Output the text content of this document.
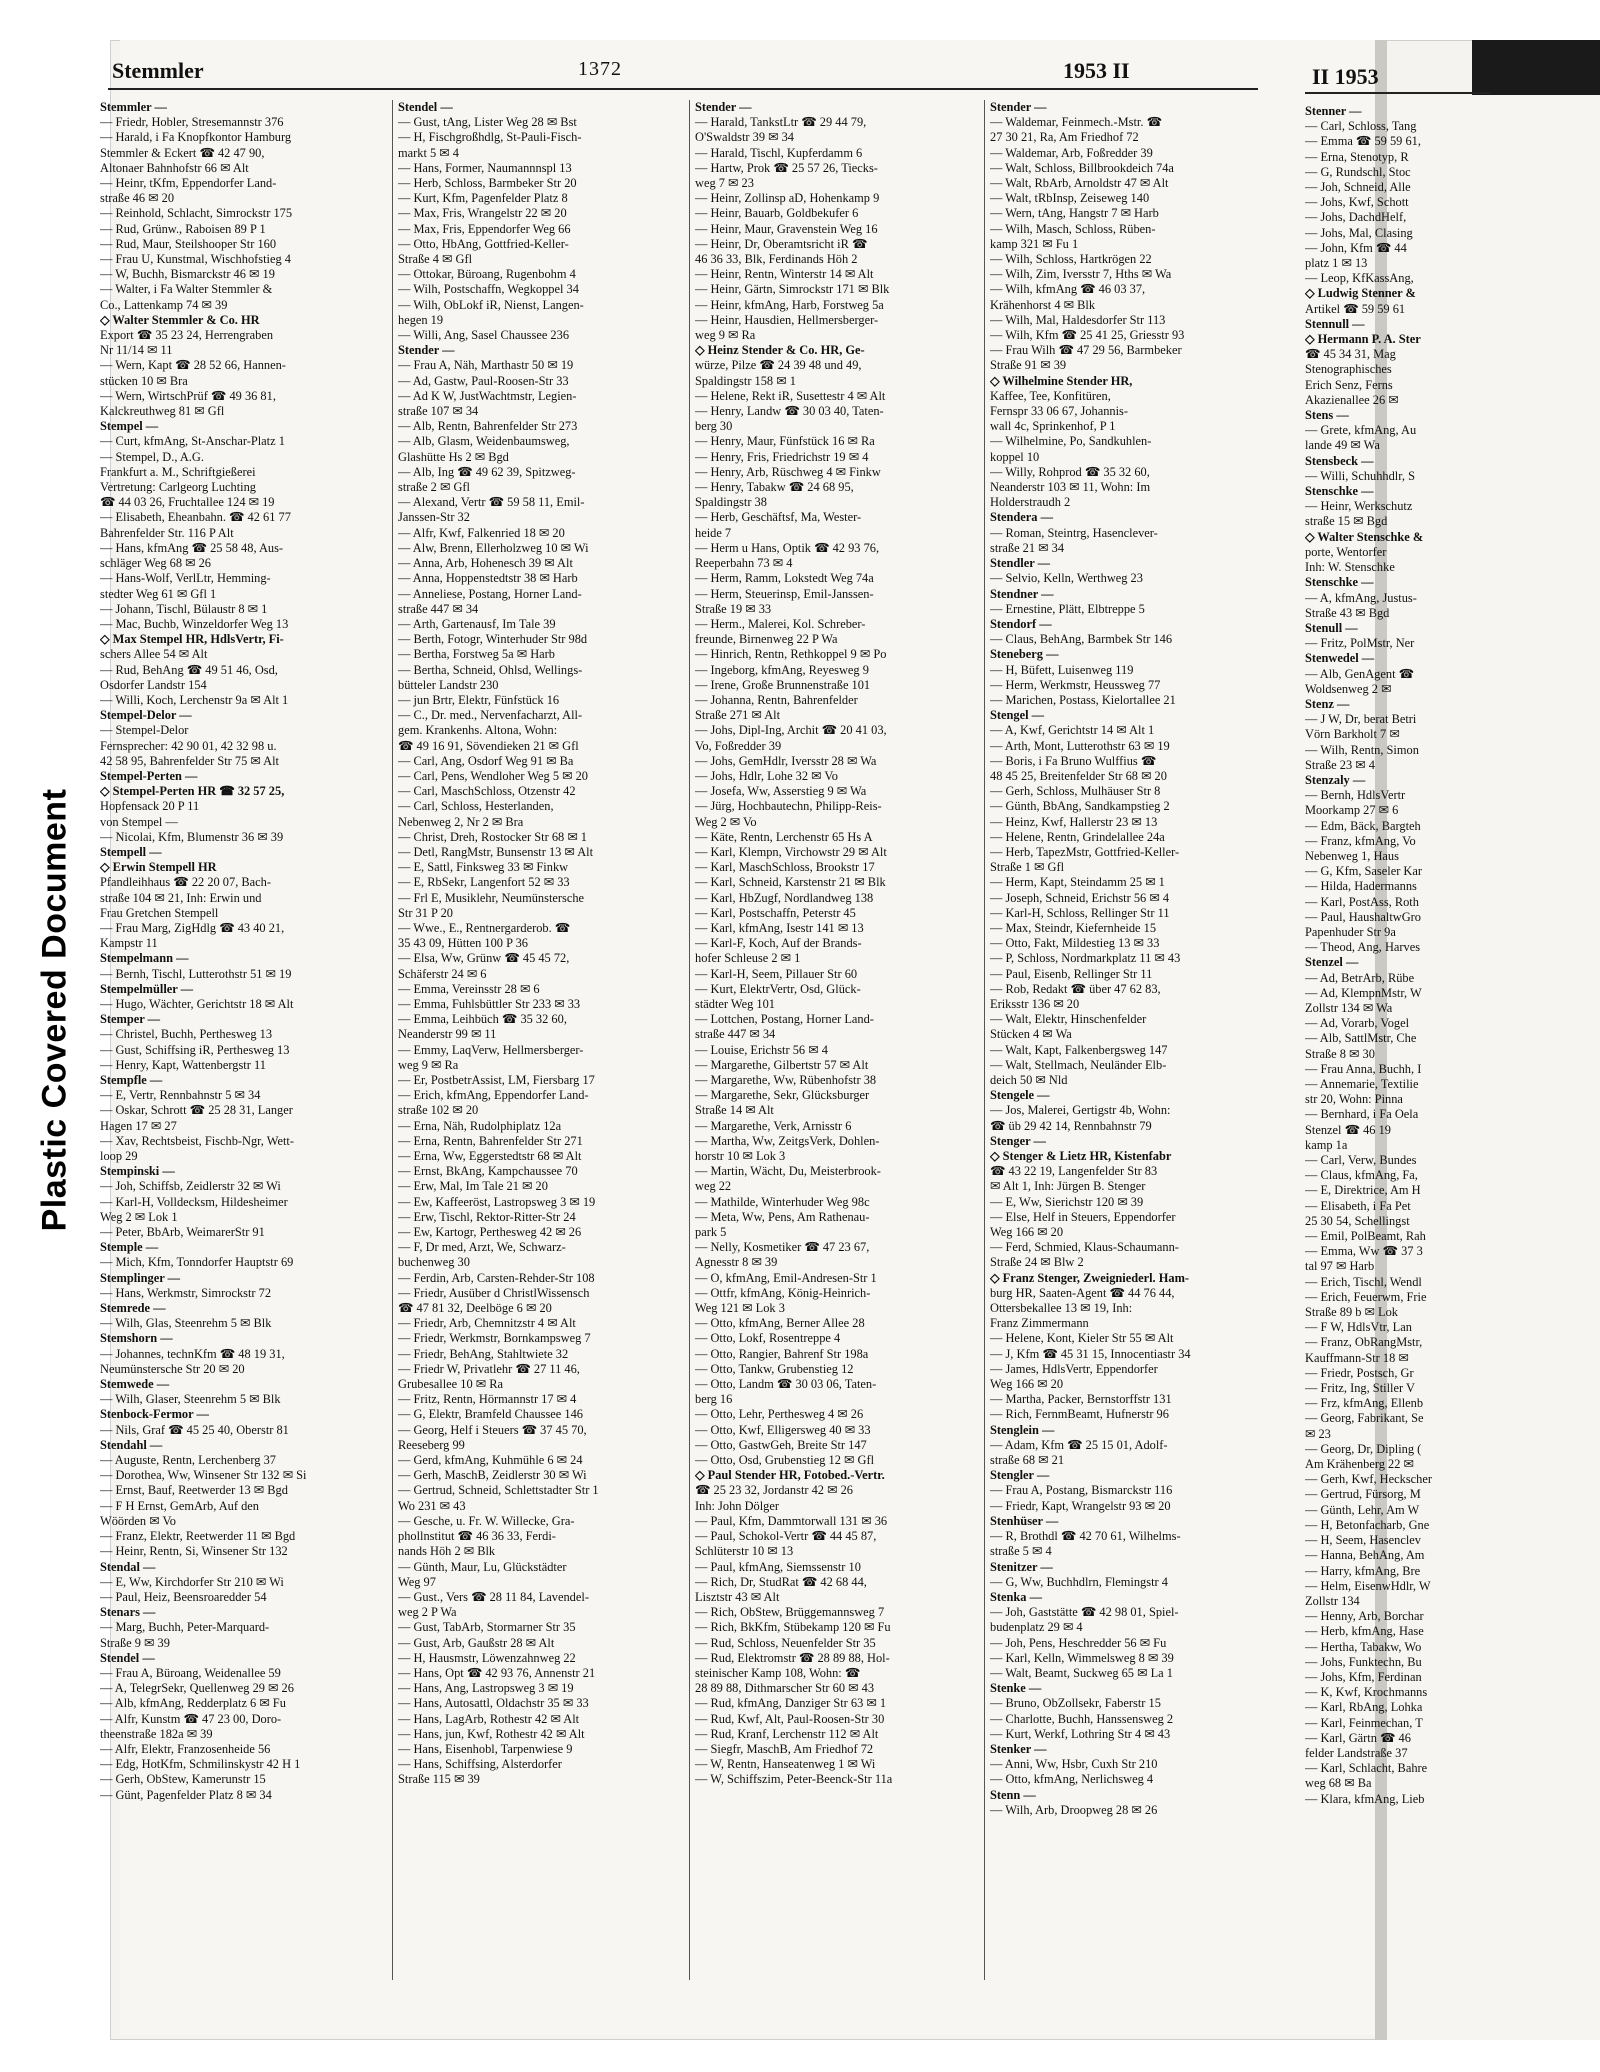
Plastic Covered Document
Stemmler	1372	1953 II
Stemmler —
— Friedr, Hobler, Stresemannstr 376
— Harald, i Fa Knopfkontor Hamburg
Stemmler & Eckert ☎ 42 47 90,
Altonaer Bahnhofstr 66 ✉ Alt
— Heinr, tKfm, Eppendorfer Land-
straße 46 ✉ 20
— Reinhold, Schlacht, Simrockstr 175
— Rud, Grünw., Raboisen 89 P 1
— Rud, Maur, Steilshooper Str 160
— Frau U, Kunstmal, Wischhofstieg 4
— W, Buchh, Bismarckstr 46 ✉ 19
— Walter, i Fa Walter Stemmler &
Co., Lattenkamp 74 ✉ 39
◇ Walter Stemmler & Co. HR
Export ☎ 35 23 24, Herrengraben
Nr 11/14 ✉ 11
— Wern, Kapt ☎ 28 52 66, Hannen-
stücken 10 ✉ Bra
— Wern, WirtschPrüf ☎ 49 36 81,
Kalckreuthweg 81 ✉ Gfl
Stempel —
— Curt, kfmAng, St-Anschar-Platz 1
— Stempel, D., A.G.
Frankfurt a. M., Schriftgießerei
Vertretung: Carlgeorg Luchting
☎ 44 03 26, Fruchtallee 124 ✉ 19
— Elisabeth, Eheanbahn. ☎ 42 61 77
Bahrenfelder Str. 116 P Alt
— Hans, kfmAng ☎ 25 58 48, Aus-
schläger Weg 68 ✉ 26
— Hans-Wolf, VerlLtr, Hemming-
stedter Weg 61 ✉ Gfl 1
— Johann, Tischl, Bülaustr 8 ✉ 1
— Mac, Buchb, Winzeldorfer Weg 13
◇ Max Stempel HR, HdlsVertr, Fi-
schers Allee 54 ✉ Alt
— Rud, BehAng ☎ 49 51 46, Osd,
Osdorfer Landstr 154
— Willi, Koch, Lerchenstr 9a ✉ Alt 1
Stempel-Delor —
— Stempel-Delor
Fernsprecher: 42 90 01, 42 32 98 u.
42 58 95, Bahrenfelder Str 75 ✉ Alt
Stempel-Perten —
◇ Stempel-Perten HR ☎ 32 57 25,
Hopfensack 20 P 11
von Stempel —
— Nicolai, Kfm, Blumenstr 36 ✉ 39
Stempell —
◇ Erwin Stempell HR
Pfandleihhaus ☎ 22 20 07, Bach-
straße 104 ✉ 21, Inh: Erwin und
Frau Gretchen Stempell
— Frau Marg, ZigHdlg ☎ 43 40 21,
Kampstr 11
Stempelmann —
— Bernh, Tischl, Lutterothstr 51 ✉ 19
Stempelmüller —
— Hugo, Wächter, Gerichtstr 18 ✉ Alt
Stemper —
— Christel, Buchh, Perthesweg 13
— Gust, Schiffsing iR, Perthesweg 13
— Henry, Kapt, Wattenbergstr 11
Stempfle —
— E, Vertr, Rennbahnstr 5 ✉ 34
— Oskar, Schrott ☎ 25 28 31, Langer
Hagen 17 ✉ 27
— Xav, Rechtsbeist, Fischb-Ngr, Wett-
loop 29
Stempinski —
— Joh, Schiffsb, Zeidlerstr 32 ✉ Wi
— Karl-H, Volldecksm, Hildesheimer
Weg 2 ✉ Lok 1
— Peter, BbArb, WeimarerStr 91
Stemple —
— Mich, Kfm, Tonndorfer Hauptstr 69
Stemplinger —
— Hans, Werkmstr, Simrockstr 72
Stemrede —
— Wilh, Glas, Steenrehm 5 ✉ Blk
Stemshorn —
— Johannes, technKfm ☎ 48 19 31,
Neumünstersche Str 20 ✉ 20
Stemwede —
— Wilh, Glaser, Steenrehm 5 ✉ Blk
Stenbock-Fermor —
— Nils, Graf ☎ 45 25 40, Oberstr 81
Stendahl —
— Auguste, Rentn, Lerchenberg 37
— Dorothea, Ww, Winsener Str 132 ✉ Si
— Ernst, Bauf, Reetwerder 13 ✉ Bgd
— F H Ernst, GemArb, Auf den
Wöörden ✉ Vo
— Franz, Elektr, Reetwerder 11 ✉ Bgd
— Heinr, Rentn, Si, Winsener Str 132
Stendal —
— E, Ww, Kirchdorfer Str 210 ✉ Wi
— Paul, Heiz, Beensroaredder 54
Stenars —
— Marg, Buchh, Peter-Marquard-
Straße 9 ✉ 39
Stendel —
— Frau A, Büroang, Weidenallee 59
— A, TelegrSekr, Quellenweg 29 ✉ 26
— Alb, kfmAng, Redderplatz 6 ✉ Fu
— Alfr, Kunstm ☎ 47 23 00, Doro-
theenstraße 182a ✉ 39
— Alfr, Elektr, Franzosenheide 56
— Edg, HotKfm, Schmilinskystr 42 H 1
— Gerh, ObStew, Kamerunstr 15
— Günt, Pagenfelder Platz 8 ✉ 34
Stendel —
— Gust, tAng, Lister Weg 28 ✉ Bst
— H, Fischgroßhdlg, St-Pauli-Fisch-
markt 5 ✉ 4
— Hans, Former, Naumannnspl 13
— Herb, Schloss, Barmbeker Str 20
— Kurt, Kfm, Pagenfelder Platz 8
— Max, Fris, Wrangelstr 22 ✉ 20
— Max, Fris, Eppendorfer Weg 66
— Otto, HbAng, Gottfried-Keller-
Straße 4 ✉ Gfl
— Ottokar, Büroang, Rugenbohm 4
— Wilh, Postschaffn, Wegkoppel 34
— Wilh, ObLokf iR, Nienst, Langen-
hegen 19
— Willi, Ang, Sasel Chaussee 236
Stender —
— Frau A, Näh, Marthastr 50 ✉ 19
— Ad, Gastw, Paul-Roosen-Str 33
— Ad K W, JustWachtmstr, Legien-
straße 107 ✉ 34
— Alb, Rentn, Bahrenfelder Str 273
— Alb, Glasm, Weidenbaumsweg,
Glashütte Hs 2 ✉ Bgd
— Alb, Ing ☎ 49 62 39, Spitzweg-
straße 2 ✉ Gfl
— Alexand, Vertr ☎ 59 58 11, Emil-
Janssen-Str 32
— Alfr, Kwf, Falkenried 18 ✉ 20
— Alw, Brenn, Ellerholzweg 10 ✉ Wi
— Anna, Arb, Hohenesch 39 ✉ Alt
— Anna, Hoppenstedtstr 38 ✉ Harb
— Anneliese, Postang, Horner Land-
straße 447 ✉ 34
— Arth, Gartenausf, Im Tale 39
— Berth, Fotogr, Winterhuder Str 98d
— Bertha, Forstweg 5a ✉ Harb
— Bertha, Schneid, Ohlsd, Wellings-
bütteler Landstr 230
— jun Brtr, Elektr, Fünfstück 16
— C., Dr. med., Nervenfacharzt, All-
gem. Krankenhs. Altona, Wohn:
☎ 49 16 91, Sövendieken 21 ✉ Gfl
— Carl, Ang, Osdorf Weg 91 ✉ Ba
— Carl, Pens, Wendloher Weg 5 ✉ 20
— Carl, MaschSchloss, Otzenstr 42
— Carl, Schloss, Hesterlanden,
Nebenweg 2, Nr 2 ✉ Bra
— Christ, Dreh, Rostocker Str 68 ✉ 1
— Detl, RangMstr, Bunsenstr 13 ✉ Alt
— E, Sattl, Finksweg 33 ✉ Finkw
— E, RbSekr, Langenfort 52 ✉ 33
— Frl E, Musiklehr, Neumünstersche
Str 31 P 20
— Wwe., E., Rentnergarderob. ☎
35 43 09, Hütten 100 P 36
— Elsa, Ww, Grünw ☎ 45 45 72,
Schäferstr 24 ✉ 6
— Emma, Vereinsstr 28 ✉ 6
— Emma, Fuhlsbüttler Str 233 ✉ 33
— Emma, Leihbüch ☎ 35 32 60,
Neanderstr 99 ✉ 11
— Emmy, LaqVerw, Hellmersberger-
weg 9 ✉ Ra
— Er, PostbetrAssist, LM, Fiersbarg 17
— Erich, kfmAng, Eppendorfer Land-
straße 102 ✉ 20
— Erna, Näh, Rudolphiplatz 12a
— Erna, Rentn, Bahrenfelder Str 271
— Erna, Ww, Eggerstedtstr 68 ✉ Alt
— Ernst, BkAng, Kampchaussee 70
— Erw, Mal, Im Tale 21 ✉ 20
— Ew, Kaffeeröst, Lastropsweg 3 ✉ 19
— Erw, Tischl, Rektor-Ritter-Str 24
— Ew, Kartogr, Perthesweg 42 ✉ 26
— F, Dr med, Arzt, We, Schwarz-
buchenweg 30
— Ferdin, Arb, Carsten-Rehder-Str 108
— Friedr, Ausüber d ChristlWissensch
☎ 47 81 32, Deelböge 6 ✉ 20
— Friedr, Arb, Chemnitzstr 4 ✉ Alt
— Friedr, Werkmstr, Bornkampsweg 7
— Friedr, BehAng, Stahltwiete 32
— Friedr W, Privatlehr ☎ 27 11 46,
Grubesallee 10 ✉ Ra
— Fritz, Rentn, Hörmannstr 17 ✉ 4
— G, Elektr, Bramfeld Chaussee 146
— Georg, Helf i Steuers ☎ 37 45 70,
Reeseberg 99
— Gerd, kfmAng, Kuhmühle 6 ✉ 24
— Gerh, MaschB, Zeidlerstr 30 ✉ Wi
— Gertrud, Schneid, Schlettstadter Str 1
Wo 231 ✉ 43
— Gesche, u. Fr. W. Willecke, Gra-
phollnstitut ☎ 46 36 33, Ferdi-
nands Höh 2 ✉ Blk
— Günth, Maur, Lu, Glückstädter
Weg 97
— Gust., Vers ☎ 28 11 84, Lavendel-
weg 2 P Wa
— Gust, TabArb, Stormarner Str 35
— Gust, Arb, Gaußstr 28 ✉ Alt
— H, Hausmstr, Löwenzahnweg 22
— Hans, Opt ☎ 42 93 76, Annenstr 21
— Hans, Ang, Lastropsweg 3 ✉ 19
— Hans, Autosattl, Oldachstr 35 ✉ 33
— Hans, LagArb, Rothestr 42 ✉ Alt
— Hans, jun, Kwf, Rothestr 42 ✉ Alt
— Hans, Eisenhobl, Tarpenwiese 9
— Hans, Schiffsing, Alsterdorfer
Straße 115 ✉ 39
Stender —
— Harald, TankstLtr ☎ 29 44 79,
O'Swaldstr 39 ✉ 34
— Harald, Tischl, Kupferdamm 6
— Hartw, Prok ☎ 25 57 26, Tiecks-
weg 7 ✉ 23
— Heinr, Zollinsp aD, Hohenkamp 9
— Heinr, Bauarb, Goldbekufer 6
— Heinr, Maur, Gravenstein Weg 16
— Heinr, Dr, Oberamtsricht iR ☎
46 36 33, Blk, Ferdinands Höh 2
— Heinr, Rentn, Winterstr 14 ✉ Alt
— Heinr, Gärtn, Simrockstr 171 ✉ Blk
— Heinr, kfmAng, Harb, Forstweg 5a
— Heinr, Hausdien, Hellmersberger-
weg 9 ✉ Ra
◇ Heinz Stender & Co. HR, Ge-
würze, Pilze ☎ 24 39 48 und 49,
Spaldingstr 158 ✉ 1
— Helene, Rekt iR, Susettestr 4 ✉ Alt
— Henry, Landw ☎ 30 03 40, Taten-
berg 30
— Henry, Maur, Fünfstück 16 ✉ Ra
— Henry, Fris, Friedrichstr 19 ✉ 4
— Henry, Arb, Rüschweg 4 ✉ Finkw
— Henry, Tabakw ☎ 24 68 95,
Spaldingstr 38
— Herb, Geschäftsf, Ma, Wester-
heide 7
— Herm u Hans, Optik ☎ 42 93 76,
Reeperbahn 73 ✉ 4
— Herm, Ramm, Lokstedt Weg 74a
— Herm, Steuerinsp, Emil-Janssen-
Straße 19 ✉ 33
— Herm., Malerei, Kol. Schreber-
freunde, Birnenweg 22 P Wa
— Hinrich, Rentn, Rethkoppel 9 ✉ Po
— Ingeborg, kfmAng, Reyesweg 9
— Irene, Große Brunnenstraße 101
— Johanna, Rentn, Bahrenfelder
Straße 271 ✉ Alt
— Johs, Dipl-Ing, Archit ☎ 20 41 03,
Vo, Foßredder 39
— Johs, GemHdlr, Iversstr 28 ✉ Wa
— Johs, Hdlr, Lohe 32 ✉ Vo
— Josefa, Ww, Asserstieg 9 ✉ Wa
— Jürg, Hochbautechn, Philipp-Reis-
Weg 2 ✉ Vo
— Käte, Rentn, Lerchenstr 65 Hs A
— Karl, Klempn, Virchowstr 29 ✉ Alt
— Karl, MaschSchloss, Brookstr 17
— Karl, Schneid, Karstenstr 21 ✉ Blk
— Karl, HbZugf, Nordlandweg 138
— Karl, Postschaffn, Peterstr 45
— Karl, kfmAng, Isestr 141 ✉ 13
— Karl-F, Koch, Auf der Brands-
hofer Schleuse 2 ✉ 1
— Karl-H, Seem, Pillauer Str 60
— Kurt, ElektrVertr, Osd, Glück-
städter Weg 101
— Lottchen, Postang, Horner Land-
straße 447 ✉ 34
— Louise, Erichstr 56 ✉ 4
— Margarethe, Gilbertstr 57 ✉ Alt
— Margarethe, Ww, Rübenhofstr 38
— Margarethe, Sekr, Glücksburger
Straße 14 ✉ Alt
— Margarethe, Verk, Arnisstr 6
— Martha, Ww, ZeitgsVerk, Dohlen-
horstr 10 ✉ Lok 3
— Martin, Wächt, Du, Meisterbrook-
weg 22
— Mathilde, Winterhuder Weg 98c
— Meta, Ww, Pens, Am Rathenau-
park 5
— Nelly, Kosmetiker ☎ 47 23 67,
Agnesstr 8 ✉ 39
— O, kfmAng, Emil-Andresen-Str 1
— Ottfr, kfmAng, König-Heinrich-
Weg 121 ✉ Lok 3
— Otto, kfmAng, Berner Allee 28
— Otto, Lokf, Rosentreppe 4
— Otto, Rangier, Bahrenf Str 198a
— Otto, Tankw, Grubenstieg 12
— Otto, Landm ☎ 30 03 06, Taten-
berg 16
— Otto, Lehr, Perthesweg 4 ✉ 26
— Otto, Kwf, Elligersweg 40 ✉ 33
— Otto, GastwGeh, Breite Str 147
— Otto, Osd, Grubenstieg 12 ✉ Gfl
◇ Paul Stender HR, Fotobed.-Vertr.
☎ 25 23 32, Jordanstr 42 ✉ 26
Inh: John Dölger
— Paul, Kfm, Dammtorwall 131 ✉ 36
— Paul, Schokol-Vertr ☎ 44 45 87,
Schlüterstr 10 ✉ 13
— Paul, kfmAng, Siemssenstr 10
— Rich, Dr, StudRat ☎ 42 68 44,
Lisztstr 43 ✉ Alt
— Rich, ObStew, Brüggemannsweg 7
— Rich, BkKfm, Stübekamp 120 ✉ Fu
— Rud, Schloss, Neuenfelder Str 35
— Rud, Elektromstr ☎ 28 89 88, Hol-
steinischer Kamp 108, Wohn: ☎
28 89 88, Dithmarscher Str 60 ✉ 43
— Rud, kfmAng, Danziger Str 63 ✉ 1
— Rud, Kwf, Alt, Paul-Roosen-Str 30
— Rud, Kranf, Lerchenstr 112 ✉ Alt
— Siegfr, MaschB, Am Friedhof 72
— W, Rentn, Hanseatenweg 1 ✉ Wi
— W, Schiffszim, Peter-Beenck-Str 11a
Stender —
— Waldemar, Feinmech.-Mstr. ☎
27 30 21, Ra, Am Friedhof 72
— Waldemar, Arb, Foßredder 39
— Walt, Schloss, Billbrookdeich 74a
— Walt, RbArb, Arnoldstr 47 ✉ Alt
— Walt, tRbInsp, Zeiseweg 140
— Wern, tAng, Hangstr 7 ✉ Harb
— Wilh, Masch, Schloss, Rüben-
kamp 321 ✉ Fu 1
— Wilh, Schloss, Hartkrögen 22
— Wilh, Zim, Iversstr 7, Hths ✉ Wa
— Wilh, kfmAng ☎ 46 03 37,
Krähenhorst 4 ✉ Blk
— Wilh, Mal, Haldesdorfer Str 113
— Wilh, Kfm ☎ 25 41 25, Griesstr 93
— Frau Wilh ☎ 47 29 56, Barmbeker
Straße 91 ✉ 39
◇ Wilhelmine Stender HR,
Kaffee, Tee, Konfitüren,
Fernspr 33 06 67, Johannis-
wall 4c, Sprinkenhof, P 1
— Wilhelmine, Po, Sandkuhlen-
koppel 10
— Willy, Rohprod ☎ 35 32 60,
Neanderstr 103 ✉ 11, Wohn: Im
Holderstraudh 2
Stendera —
— Roman, Steintrg, Hasenclever-
straße 21 ✉ 34
Stendler —
— Selvio, Kelln, Werthweg 23
Stendner —
— Ernestine, Plätt, Elbtreppe 5
Stendorf —
— Claus, BehAng, Barmbek Str 146
Steneberg —
— H, Büfett, Luisenweg 119
— Herm, Werkmstr, Heussweg 77
— Marichen, Postass, Kielortallee 21
Stengel —
— A, Kwf, Gerichtstr 14 ✉ Alt 1
— Arth, Mont, Lutterothstr 63 ✉ 19
— Boris, i Fa Bruno Wulffius ☎
48 45 25, Breitenfelder Str 68 ✉ 20
— Gerh, Schloss, Mulhäuser Str 8
— Günth, BbAng, Sandkampstieg 2
— Heinz, Kwf, Hallerstr 23 ✉ 13
— Helene, Rentn, Grindelallee 24a
— Herb, TapezMstr, Gottfried-Keller-
Straße 1 ✉ Gfl
— Herm, Kapt, Steindamm 25 ✉ 1
— Joseph, Schneid, Erichstr 56 ✉ 4
— Karl-H, Schloss, Rellinger Str 11
— Max, Steindr, Kiefernheide 15
— Otto, Fakt, Mildestieg 13 ✉ 33
— P, Schloss, Nordmarkplatz 11 ✉ 43
— Paul, Eisenb, Rellinger Str 11
— Rob, Redakt ☎ über 47 62 83,
Eriksstr 136 ✉ 20
— Walt, Elektr, Hinschenfelder
Stücken 4 ✉ Wa
— Walt, Kapt, Falkenbergsweg 147
— Walt, Stellmach, Neuländer Elb-
deich 50 ✉ Nld
Stengele —
— Jos, Malerei, Gertigstr 4b, Wohn:
☎ üb 29 42 14, Rennbahnstr 79
Stenger —
◇ Stenger & Lietz HR, Kistenfabr
☎ 43 22 19, Langenfelder Str 83
✉ Alt 1, Inh: Jürgen B. Stenger
— E, Ww, Sierichstr 120 ✉ 39
— Else, Helf in Steuers, Eppendorfer
Weg 166 ✉ 20
— Ferd, Schmied, Klaus-Schaumann-
Straße 24 ✉ Blw 2
◇ Franz Stenger, Zweigniederl. Ham-
burg HR, Saaten-Agent ☎ 44 76 44,
Ottersbekallee 13 ✉ 19, Inh:
Franz Zimmermann
— Helene, Kont, Kieler Str 55 ✉ Alt
— J, Kfm ☎ 45 31 15, Innocentiastr 34
— James, HdlsVertr, Eppendorfer
Weg 166 ✉ 20
— Martha, Packer, Bernstorffstr 131
— Rich, FernmBeamt, Hufnerstr 96
Stenglein —
— Adam, Kfm ☎ 25 15 01, Adolf-
straße 68 ✉ 21
Stengler —
— Frau A, Postang, Bismarckstr 116
— Friedr, Kapt, Wrangelstr 93 ✉ 20
Stenhüser —
— R, Brothdl ☎ 42 70 61, Wilhelms-
straße 5 ✉ 4
Stenitzer —
— G, Ww, Buchhdlrn, Flemingstr 4
Stenka —
— Joh, Gaststätte ☎ 42 98 01, Spiel-
budenplatz 29 ✉ 4
— Joh, Pens, Heschredder 56 ✉ Fu
— Karl, Kelln, Wimmelsweg 8 ✉ 39
— Walt, Beamt, Suckweg 65 ✉ La 1
Stenke —
— Bruno, ObZollsekr, Faberstr 15
— Charlotte, Buchh, Hanssensweg 2
— Kurt, Werkf, Lothring Str 4 ✉ 43
Stenker —
— Anni, Ww, Hsbr, Cuxh Str 210
— Otto, kfmAng, Nerlichsweg 4
Stenn —
— Wilh, Arb, Droopweg 28 ✉ 26
II 1953
Stenner —
— Carl, Schloss, Tang
— Emma ☎ 59 59 61,
— Erna, Stenotyp, R
— G, Rundschl, Stoc
— Joh, Schneid, Alle
— Johs, Kwf, Schott
— Johs, DachdHelf,
— Johs, Mal, Clasing
— John, Kfm ☎ 44
platz 1 ✉ 13
— Leop, KfKassAng,
◇ Ludwig Stenner &
Artikel ☎ 59 59 61
Stennull —
◇ Hermann P. A. Ster
☎ 45 34 31, Mag
Stenographisches
Erich Senz, Ferns
Akazienallee 26 ✉
Stens —
— Grete, kfmAng, Au
lande 49 ✉ Wa
Stensbeck —
— Willi, Schuhhdlr, S
Stenschke —
— Heinr, Werkschutz
straße 15 ✉ Bgd
◇ Walter Stenschke &
porte, Wentorfer
Inh: W. Stenschke
Stenschke —
— A, kfmAng, Justus-
Straße 43 ✉ Bgd
Stenull —
— Fritz, PolMstr, Ner
Stenwedel —
— Alb, GenAgent ☎
Woldsenweg 2 ✉
Stenz —
— J W, Dr, berat Betri
Vörn Barkholt 7 ✉
— Wilh, Rentn, Simon
Straße 23 ✉ 4
Stenzaly —
— Bernh, HdlsVertr
Moorkamp 27 ✉ 6
— Edm, Bäck, Bargteh
— Franz, kfmAng, Vo
Nebenweg 1, Haus
— G, Kfm, Saseler Kar
— Hilda, Hadermanns
— Karl, PostAss, Roth
— Paul, HaushaltwGro
Papenhuder Str 9a
— Theod, Ang, Harves
Stenzel —
— Ad, BetrArb, Rübe
— Ad, KlempnMstr, W
Zollstr 134 ✉ Wa
— Ad, Vorarb, Vogel
— Alb, SattlMstr, Che
Straße 8 ✉ 30
— Frau Anna, Buchh, I
— Annemarie, Textilie
str 20, Wohn: Pinna
— Bernhard, i Fa Oela
Stenzel ☎ 46 19
kamp 1a
— Carl, Verw, Bundes
— Claus, kfmAng, Fa,
— E, Direktrice, Am H
— Elisabeth, i Fa Pet
25 30 54, Schellingst
— Emil, PolBeamt, Rah
— Emma, Ww ☎ 37 3
tal 97 ✉ Harb
— Erich, Tischl, Wendl
— Erich, Feuerwm, Frie
Straße 89 b ✉ Lok
— F W, HdlsVtr, Lan
— Franz, ObRangMstr,
Kauffmann-Str 18 ✉
— Friedr, Postsch, Gr
— Fritz, Ing, Stiller V
— Frz, kfmAng, Ellenb
— Georg, Fabrikant, Se
✉ 23
— Georg, Dr, Dipling (
Am Krähenberg 22 ✉
— Gerh, Kwf, Heckscher
— Gertrud, Fürsorg, M
— Günth, Lehr, Am W
— H, Betonfacharb, Gne
— H, Seem, Hasenclev
— Hanna, BehAng, Am
— Harry, kfmAng, Bre
— Helm, EisenwHdlr, W
Zollstr 134
— Henny, Arb, Borchar
— Herb, kfmAng, Hase
— Hertha, Tabakw, Wo
— Johs, Funktechn, Bu
— Johs, Kfm, Ferdinan
— K, Kwf, Krochmanns
— Karl, RbAng, Lohka
— Karl, Feinmechan, T
— Karl, Gärtn ☎ 46
felder Landstraße 37
— Karl, Schlacht, Bahre
weg 68 ✉ Ba
— Klara, kfmAng, Lieb
